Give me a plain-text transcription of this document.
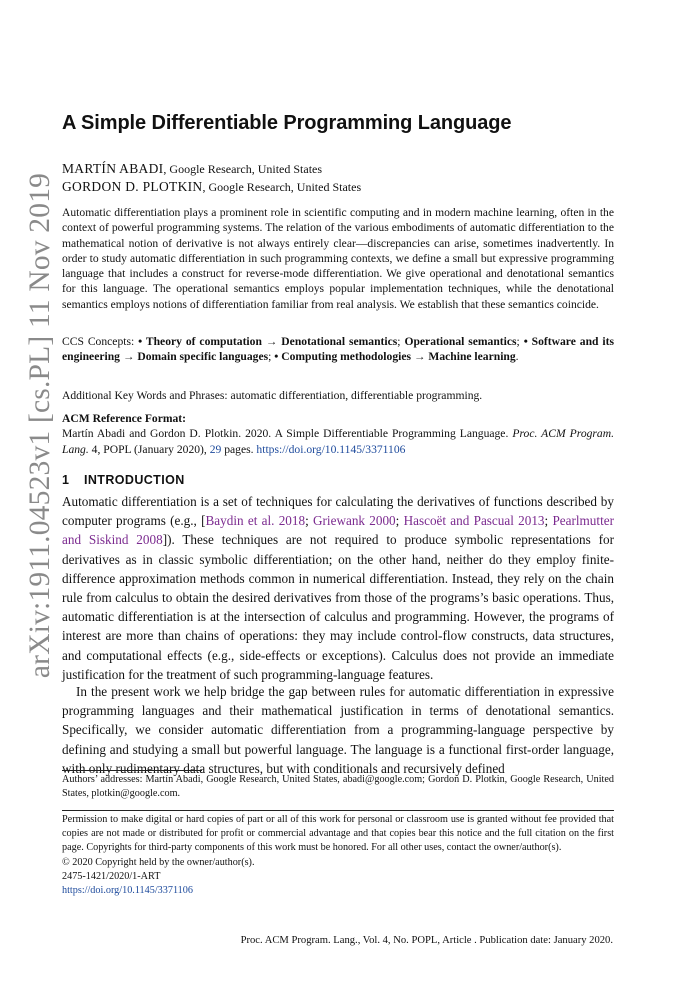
arXiv:1911.04523v1 [cs.PL] 11 Nov 2019
A Simple Differentiable Programming Language
MARTÍN ABADI, Google Research, United States
GORDON D. PLOTKIN, Google Research, United States

Automatic differentiation plays a prominent role in scientific computing and in modern machine learning, often in the context of powerful programming systems. The relation of the various embodiments of automatic differentiation to the mathematical notion of derivative is not always entirely clear—discrepancies can arise, sometimes inadvertently. In order to study automatic differentiation in such programming contexts, we define a small but expressive programming language that includes a construct for reverse-mode differentiation. We give operational and denotational semantics for this language. The operational semantics employs popular implementation techniques, while the denotational semantics employs notions of differentiation familiar from real analysis. We establish that these semantics coincide.

CCS Concepts: • Theory of computation → Denotational semantics; Operational semantics; • Software and its engineering → Domain specific languages; • Computing methodologies → Machine learning.

Additional Key Words and Phrases: automatic differentiation, differentiable programming.

ACM Reference Format:

Martín Abadi and Gordon D. Plotkin. 2020. A Simple Differentiable Programming Language. Proc. ACM Program. Lang. 4, POPL (January 2020), 29 pages. https://doi.org/10.1145/3371106

1 INTRODUCTION

Automatic differentiation is a set of techniques for calculating the derivatives of functions described by computer programs (e.g., [Baydin et al. 2018; Griewank 2000; Hascoët and Pascual 2013; Pearlmutter and Siskind 2008]). These techniques are not required to produce symbolic representations for derivatives as in classic symbolic differentiation; on the other hand, neither do they employ finite-difference approximation methods common in numerical differentiation. Instead, they rely on the chain rule from calculus to obtain the desired derivatives from those of the programs’s basic operations. Thus, automatic differentiation is at the intersection of calculus and programming. However, the programs of interest are more than chains of operations: they may include control-flow constructs, data structures, and computational effects (e.g., side-effects or exceptions). Calculus does not provide an immediate justification for the treatment of such programming-language features.

In the present work we help bridge the gap between rules for automatic differentiation in expressive programming languages and their mathematical justification in terms of denotational semantics. Specifically, we consider automatic differentiation from a programming-language perspective by defining and studying a small but powerful language. The language is a functional first-order language, with only rudimentary data structures, but with conditionals and recursively defined

Authors’ addresses: Martín Abadi, Google Research, United States, abadi@google.com; Gordon D. Plotkin, Google Research, United States, plotkin@google.com.

Permission to make digital or hard copies of part or all of this work for personal or classroom use is granted without fee provided that copies are not made or distributed for profit or commercial advantage and that copies bear this notice and the full citation on the first page. Copyrights for third-party components of this work must be honored. For all other uses, contact the owner/author(s).

© 2020 Copyright held by the owner/author(s).
2475-1421/2020/1-ART
https://doi.org/10.1145/3371106
Proc. ACM Program. Lang., Vol. 4, No. POPL, Article . Publication date: January 2020.
